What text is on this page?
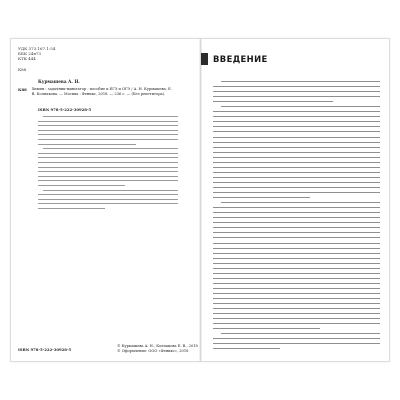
УДК 373.167.1:54
ББК 24я73
КТК 444
К88
Курмашева А. Н.
К88 Химия : задачник-навигатор : пособие к ЕГЭ и ОГЭ / А. Н. Курмашева, Е. В. Колпакова. — Москва : Феникс, 2018. — 236 с. — (Без репетитора).
ISBN 978-5-222-30928-5
ISBN 978-5-222-30928-5
© Курмашева А. Н., Колпакова Е. В., 2018
© Оформление: ООО «Феникс», 2018
ВВЕДЕНИЕ
